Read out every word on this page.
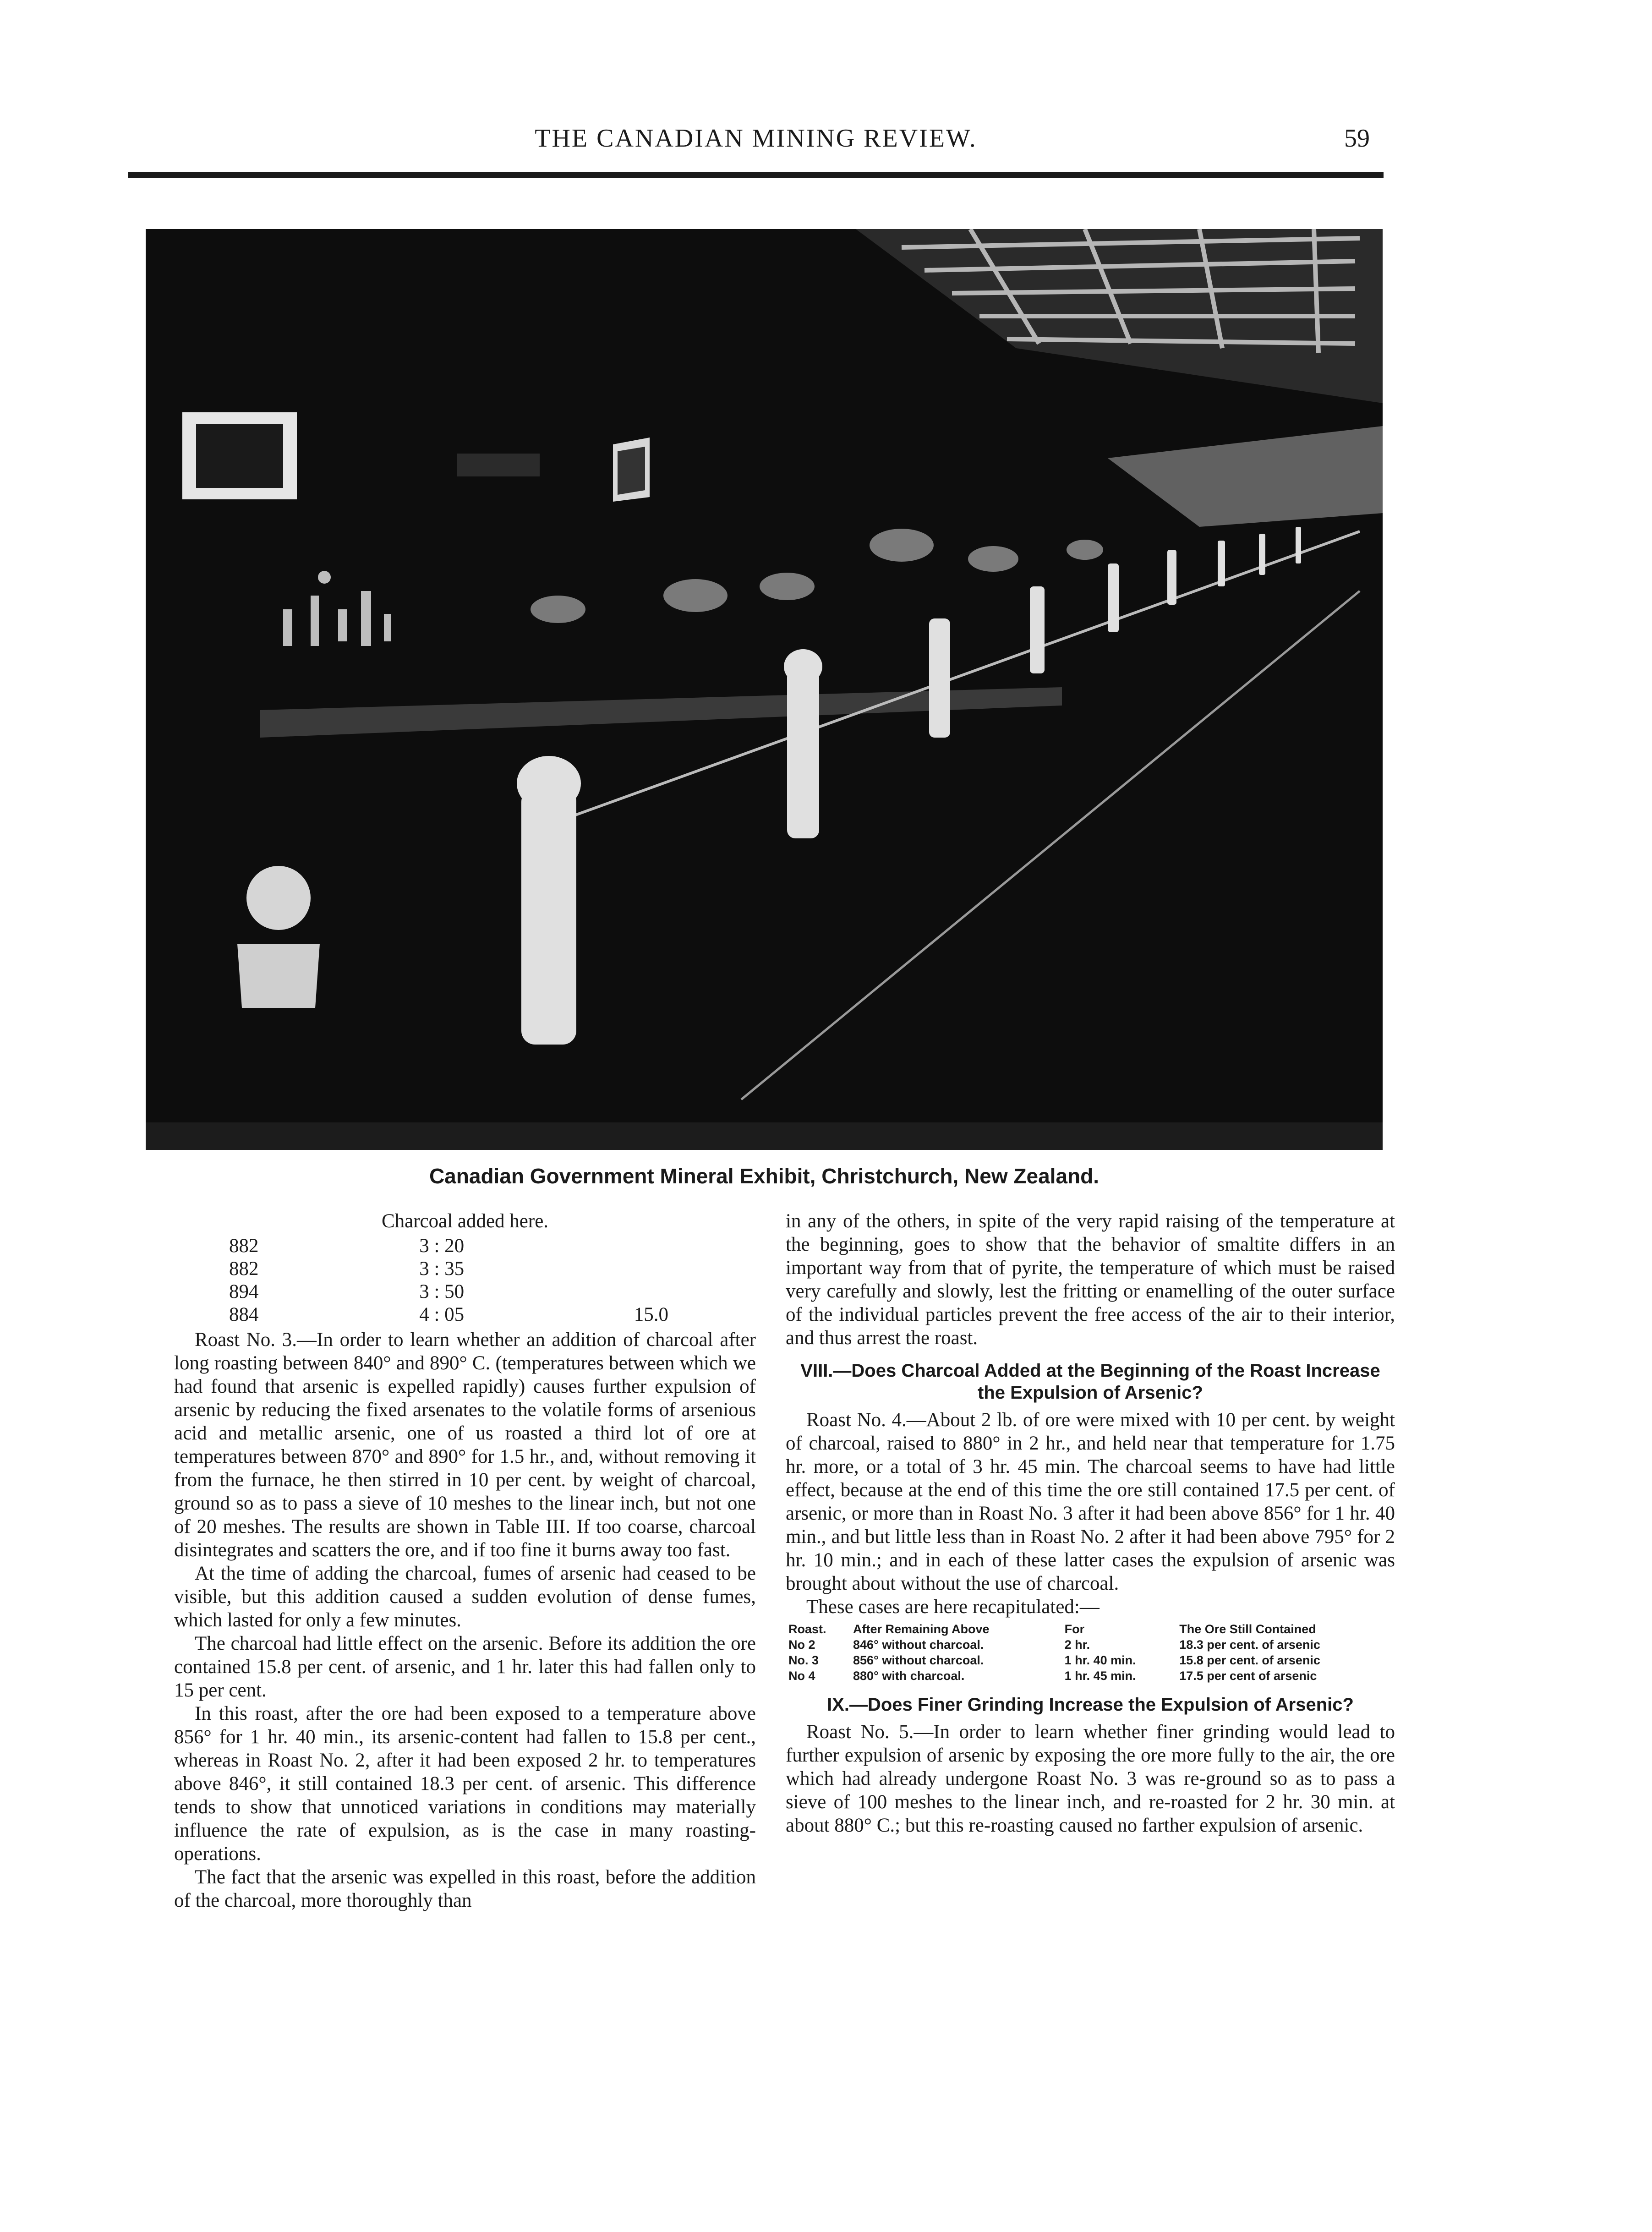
THE CANADIAN MINING REVIEW.	59
Canadian Government Mineral Exhibit, Christchurch, New Zealand.
Charcoal added here.
882	3 : 20	
882	3 : 35	
894	3 : 50	
884	4 : 05	15.0

Roast No. 3.—In order to learn whether an addition of charcoal after long roasting between 840° and 890° C. (temperatures between which we had found that arsenic is expelled rapidly) causes further expulsion of arsenic by reducing the fixed arsenates to the volatile forms of arsenious acid and metallic arsenic, one of us roasted a third lot of ore at temperatures between 870° and 890° for 1.5 hr., and, without removing it from the furnace, he then stirred in 10 per cent. by weight of charcoal, ground so as to pass a sieve of 10 meshes to the linear inch, but not one of 20 meshes. The results are shown in Table III. If too coarse, charcoal disintegrates and scatters the ore, and if too fine it burns away too fast.

At the time of adding the charcoal, fumes of arsenic had ceased to be visible, but this addition caused a sudden evolution of dense fumes, which lasted for only a few minutes.

The charcoal had little effect on the arsenic. Before its addition the ore contained 15.8 per cent. of arsenic, and 1 hr. later this had fallen only to 15 per cent.

In this roast, after the ore had been exposed to a temperature above 856° for 1 hr. 40 min., its arsenic-content had fallen to 15.8 per cent., whereas in Roast No. 2, after it had been exposed 2 hr. to temperatures above 846°, it still contained 18.3 per cent. of arsenic. This difference tends to show that unnoticed variations in conditions may materially influence the rate of expulsion, as is the case in many roasting-operations.

The fact that the arsenic was expelled in this roast, before the addition of the charcoal, more thoroughly than

in any of the others, in spite of the very rapid raising of the temperature at the beginning, goes to show that the behavior of smaltite differs in an important way from that of pyrite, the temperature of which must be raised very carefully and slowly, lest the fritting or enamelling of the outer surface of the individual particles prevent the free access of the air to their interior, and thus arrest the roast.

VIII.—Does Charcoal Added at the Beginning of the Roast Increase the Expulsion of Arsenic?

Roast No. 4.—About 2 lb. of ore were mixed with 10 per cent. by weight of charcoal, raised to 880° in 2 hr., and held near that temperature for 1.75 hr. more, or a total of 3 hr. 45 min. The charcoal seems to have had little effect, because at the end of this time the ore still contained 17.5 per cent. of arsenic, or more than in Roast No. 3 after it had been above 856° for 1 hr. 40 min., and but little less than in Roast No. 2 after it had been above 795° for 2 hr. 10 min.; and in each of these latter cases the expulsion of arsenic was brought about without the use of charcoal.

These cases are here recapitulated:—

Roast.	After Remaining Above	For	The Ore Still Contained
No 2	846° without charcoal.	2 hr.	18.3 per cent. of arsenic
No. 3	856° without charcoal.	1 hr. 40 min.	15.8 per cent. of arsenic
No 4	880° with charcoal.	1 hr. 45 min.	17.5 per cent of arsenic
IX.—Does Finer Grinding Increase the Expulsion of Arsenic?

Roast No. 5.—In order to learn whether finer grinding would lead to further expulsion of arsenic by exposing the ore more fully to the air, the ore which had already undergone Roast No. 3 was re-ground so as to pass a sieve of 100 meshes to the linear inch, and re-roasted for 2 hr. 30 min. at about 880° C.; but this re-roasting caused no farther expulsion of arsenic.
